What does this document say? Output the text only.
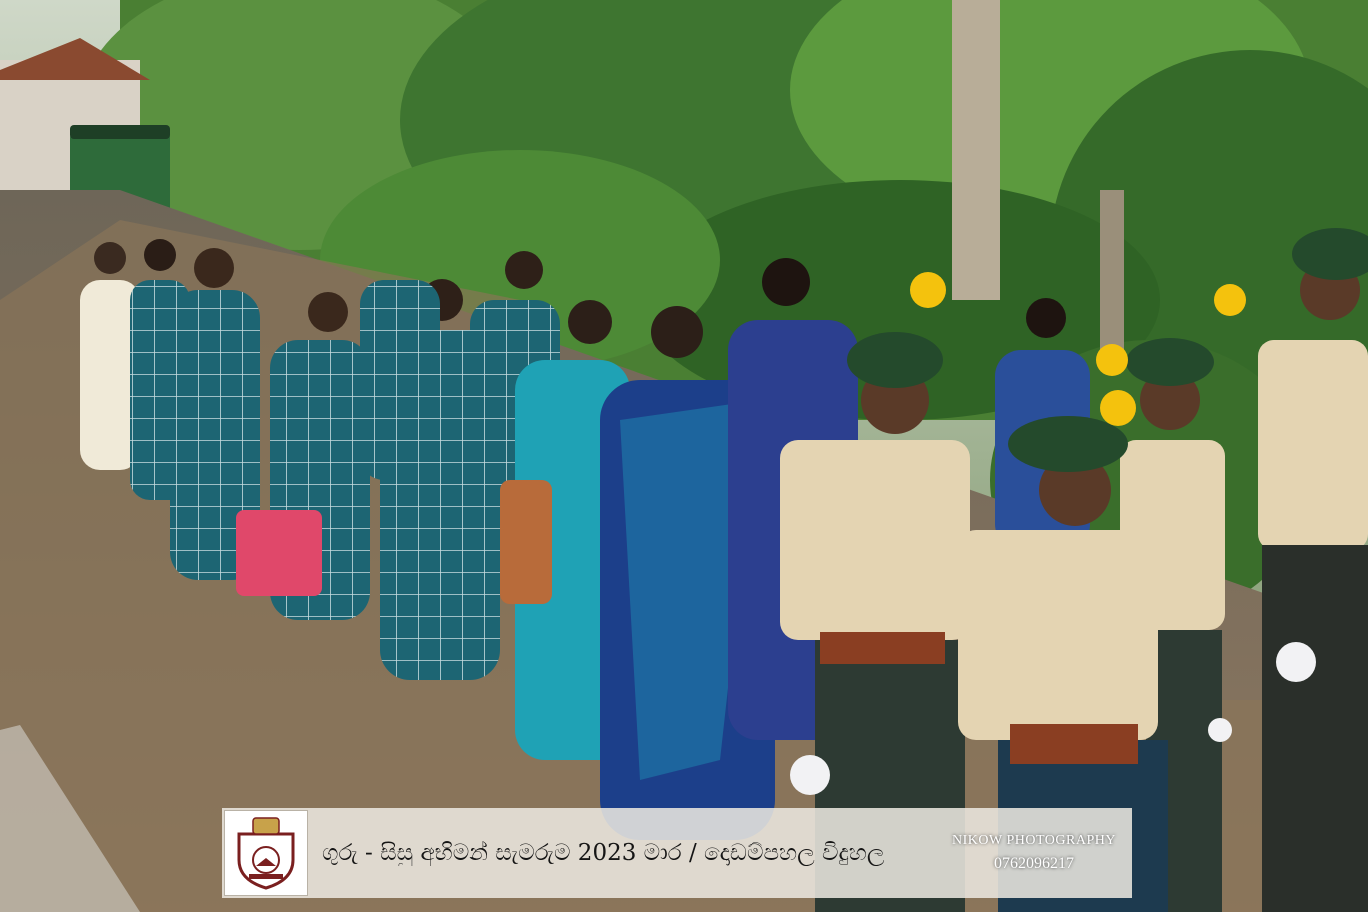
ගුරු - සිසු අභිමන් සැමරුම 2023 මාර / දොඩම්පහල විදුහල	NIKOW PHOTOGRAPHY
0762096217
